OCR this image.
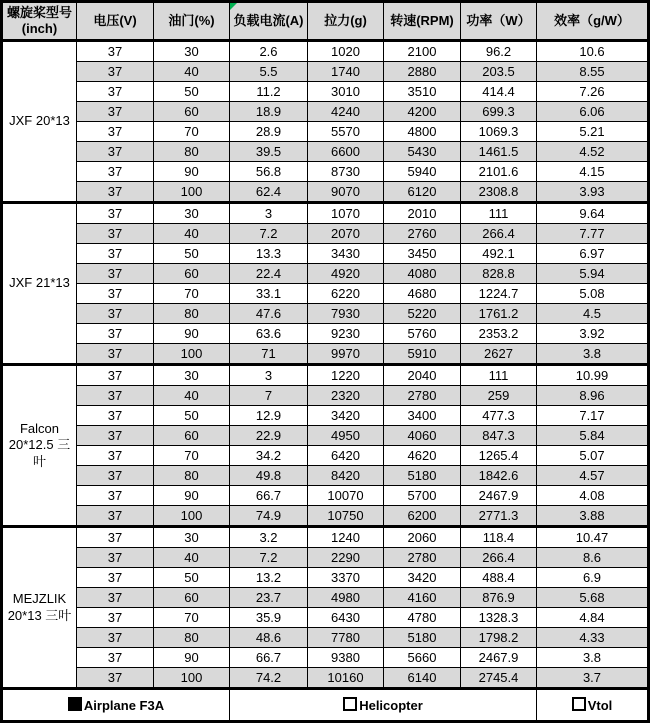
螺旋桨型号 (inch)	电压(V)	油门(%)	负载电流(A)	拉力(g)	转速(RPM)	功率（W）	效率（g/W）
JXF 20*13	37	30	2.6	1020	2100	96.2	10.6
	37	40	5.5	1740	2880	203.5	8.55
	37	50	11.2	3010	3510	414.4	7.26
	37	60	18.9	4240	4200	699.3	6.06
	37	70	28.9	5570	4800	1069.3	5.21
	37	80	39.5	6600	5430	1461.5	4.52
	37	90	56.8	8730	5940	2101.6	4.15
	37	100	62.4	9070	6120	2308.8	3.93
JXF 21*13	37	30	3	1070	2010	111	9.64
	37	40	7.2	2070	2760	266.4	7.77
	37	50	13.3	3430	3450	492.1	6.97
	37	60	22.4	4920	4080	828.8	5.94
	37	70	33.1	6220	4680	1224.7	5.08
	37	80	47.6	7930	5220	1761.2	4.5
	37	90	63.6	9230	5760	2353.2	3.92
	37	100	71	9970	5910	2627	3.8
Falcon 20*12.5 三叶	37	30	3	1220	2040	111	10.99
	37	40	7	2320	2780	259	8.96
	37	50	12.9	3420	3400	477.3	7.17
	37	60	22.9	4950	4060	847.3	5.84
	37	70	34.2	6420	4620	1265.4	5.07
	37	80	49.8	8420	5180	1842.6	4.57
	37	90	66.7	10070	5700	2467.9	4.08
	37	100	74.9	10750	6200	2771.3	3.88
MEJZLIK 20*13 三叶	37	30	3.2	1240	2060	118.4	10.47
	37	40	7.2	2290	2780	266.4	8.6
	37	50	13.2	3370	3420	488.4	6.9
	37	60	23.7	4980	4160	876.9	5.68
	37	70	35.9	6430	4780	1328.3	4.84
	37	80	48.6	7780	5180	1798.2	4.33
	37	90	66.7	9380	5660	2467.9	3.8
	37	100	74.2	10160	6140	2745.4	3.7
Airplane F3A			Helicopter				Vtol
